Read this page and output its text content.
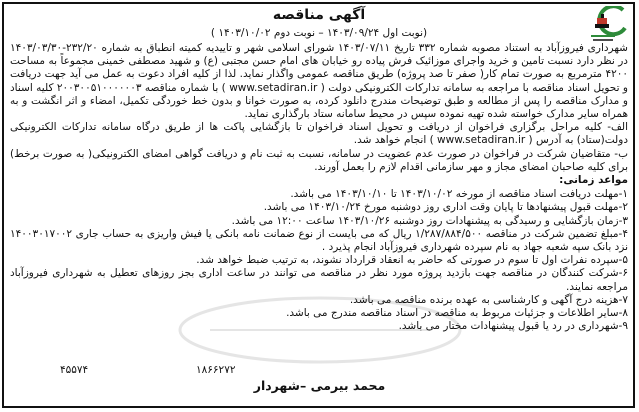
آگهی مناقصه
(نوبت اول ۱۴۰۳/۰۹/۲۴ – نوبت دوم ۱۴۰۳/۱۰/۰۲ )

شهرداری فیروزآباد به استناد مصوبه شماره ۳۳۲ تاریخ ۱۴۰۳/۰۷/۱۱ شورای اسلامی شهر و تاییدیه کمیته انطباق به شماره ۲۳۲/۲۰-۱۴۰۳/۰۳/۳۰ در نظر دارد نسبت تامین و خرید واجرای موزائیک فرش پیاده رو خیابان های امام حسن مجتبی (ع) و شهید مصطفی خمینی مجموعاً به مساحت ۴۲۰۰ مترمربع به صورت تمام کار( صفر تا صد پروژه) طریق مناقصه عمومی واگذار نماید. لذا از کلیه افراد دعوت به عمل می آید جهت دریافت و تحویل اسناد مناقصه با مراجعه به سامانه تدارکات الکترونیکی دولت ( www.setadiran.ir ) با شماره مناقصه ۲۰۰۳۰۰۵۱۰۰۰۰۰۰۳ کلیه اسناد و مدارک مناقصه را پس از مطالعه و طبق توضیحات مندرج دانلود کرده، به صورت خوانا و بدون خط خوردگی تکمیل، امضاء و اثر انگشت و به همراه سایر مدارک خواسته شده تهیه نموده سپس در محیط سامانه ستاد بارگذاری نماید.

الف- کلیه مراحل برگزاری فراخوان از دریافت و تحویل اسناد فراخوان تا بازگشایی پاکت ها از طریق درگاه سامانه تدارکات الکترونیکی دولت(ستاد) به آدرس ( www.setadiran.ir ) انجام خواهد شد.

ب- متقاضیان شرکت در فراخوان در صورت عدم عضویت در سامانه، نسبت به ثبت نام و دریافت گواهی امضای الکترونیکی( به صورت برخط) برای کلیه صاحبان امضای مجاز و مهر سازمانی اقدام لازم را بعمل آورند.

مواعد زمانی:

۱-مهلت دریافت اسناد مناقصه از مورخه ۱۴۰۳/۱۰/۰۲ تا ۱۴۰۳/۱۰/۱۰ می باشد.

۲-مهلت قبول پیشنهادها تا پایان وقت اداری روز دوشنبه مورخ ۱۴۰۳/۱۰/۲۴ می باشد.

۳-زمان بازگشایی و رسیدگی به پیشنهادات روز دوشنبه ۱۴۰۳/۱۰/۲۶ ساعت ۱۲:۰۰ می باشد.

۴-مبلغ تضمین شرکت در مناقصه ۱/۲۸۷/۸۸۴/۵۰۰ ریال که می بایست از نوع ضمانت نامه بانکی یا فیش واریزی به حساب جاری ۱۴۰۰۳۰۱۷۰۰۲ نزد بانک سپه شعبه جهاد به نام سپرده شهرداری فیروزآباد انجام پذیرد .

۵-سپرده نفرات اول تا سوم در صورتی که حاضر به انعقاد قرارداد نشوند، به ترتیب ضبط خواهد شد.

۶-شرکت کنندگان در مناقصه جهت بازدید پروژه مورد نظر در مناقصه می توانند در ساعت اداری بجز روزهای تعطیل به شهرداری فیروزآباد مراجعه نمایند.

۷-هزینه درج آگهی و کارشناسی به عهده برنده مناقصه می باشد.

۸-سایر اطلاعات و جزئیات مربوط به مناقصه در اسناد مناقصه مندرج می باشد.

۹-شهرداری در رد یا قبول پیشنهادات مختار می باشد.

۴۵۵۷۴	۱۸۶۶۲۷۲
محمد بیرمی –شهردار
